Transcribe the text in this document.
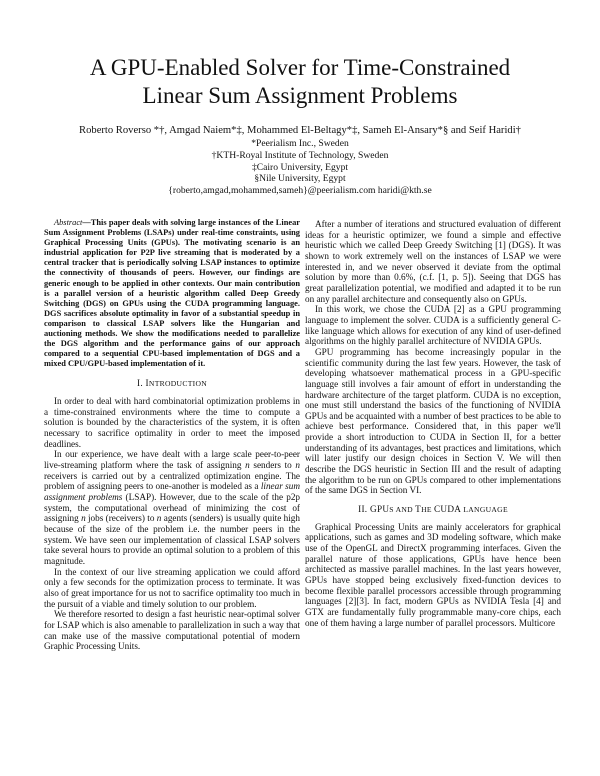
A GPU-Enabled Solver for Time-Constrained
Linear Sum Assignment Problems
Roberto Roverso *†, Amgad Naiem*‡, Mohammed El-Beltagy*‡, Sameh El-Ansary*§ and Seif Haridi†
*Peerialism Inc., Sweden
†KTH-Royal Institute of Technology, Sweden
‡Cairo University, Egypt
§Nile University, Egypt
{roberto,amgad,mohammed,sameh}@peerialism.com haridi@kth.se

Abstract—This paper deals with solving large instances of the Linear Sum Assignment Problems (LSAPs) under real-time constraints, using Graphical Processing Units (GPUs). The motivating scenario is an industrial application for P2P live streaming that is moderated by a central tracker that is periodically solving LSAP instances to optimize the connectivity of thousands of peers. However, our findings are generic enough to be applied in other contexts. Our main contribution is a parallel version of a heuristic algorithm called Deep Greedy Switching (DGS) on GPUs using the CUDA programming language. DGS sacrifices absolute optimality in favor of a substantial speedup in comparison to classical LSAP solvers like the Hungarian and auctioning methods. We show the modifications needed to parallelize the DGS algorithm and the performance gains of our approach compared to a sequential CPU-based implementation of DGS and a mixed CPU/GPU-based implementation of it.

I. INTRODUCTION

In order to deal with hard combinatorial optimization problems in a time-constrained environments where the time to compute a solution is bounded by the characteristics of the system, it is often necessary to sacrifice optimality in order to meet the imposed deadlines.

In our experience, we have dealt with a large scale peer-to-peer live-streaming platform where the task of assigning n senders to n receivers is carried out by a centralized optimization engine. The problem of assigning peers to one-another is modeled as a linear sum assignment problems (LSAP). However, due to the scale of the p2p system, the computational overhead of minimizing the cost of assigning n jobs (receivers) to n agents (senders) is usually quite high because of the size of the problem i.e. the number peers in the system. We have seen our implementation of classical LSAP solvers take several hours to provide an optimal solution to a problem of this magnitude.

In the context of our live streaming application we could afford only a few seconds for the optimization process to terminate. It was also of great importance for us not to sacrifice optimality too much in the pursuit of a viable and timely solution to our problem.

We therefore resorted to design a fast heuristic near-optimal solver for LSAP which is also amenable to parallelization in such a way that can make use of the massive computational potential of modern Graphic Processing Units.

After a number of iterations and structured evaluation of different ideas for a heuristic optimizer, we found a simple and effective heuristic which we called Deep Greedy Switching [1] (DGS). It was shown to work extremely well on the instances of LSAP we were interested in, and we never observed it deviate from the optimal solution by more than 0.6%, (c.f. [1, p. 5]). Seeing that DGS has great parallelization potential, we modified and adapted it to be run on any parallel architecture and consequently also on GPUs.

In this work, we chose the CUDA [2] as a GPU programming language to implement the solver. CUDA is a sufficiently general C-like language which allows for execution of any kind of user-defined algorithms on the highly parallel architecture of NVIDIA GPUs.

GPU programming has become increasingly popular in the scientific community during the last few years. However, the task of developing whatsoever mathematical process in a GPU-specific language still involves a fair amount of effort in understanding the hardware architecture of the target platform. CUDA is no exception, one must still understand the basics of the functioning of NVIDIA GPUs and be acquainted with a number of best practices to be able to achieve best performance. Considered that, in this paper we'll provide a short introduction to CUDA in Section II, for a better understanding of its advantages, best practices and limitations, which will later justify our design choices in Section V. We will then describe the DGS heuristic in Section III and the result of adapting the algorithm to be run on GPUs compared to other implementations of the same DGS in Section VI.

II. GPUS AND THE CUDA LANGUAGE

Graphical Processing Units are mainly accelerators for graphical applications, such as games and 3D modeling software, which make use of the OpenGL and DirectX programming interfaces. Given the parallel nature of those applications, GPUs have hence been architected as massive parallel machines. In the last years however, GPUs have stopped being exclusively fixed-function devices to become flexible parallel processors accessible through programming languages [2][3]. In fact, modern GPUs as NVIDIA Tesla [4] and GTX are fundamentally fully programmable many-core chips, each one of them having a large number of parallel processors. Multicore
